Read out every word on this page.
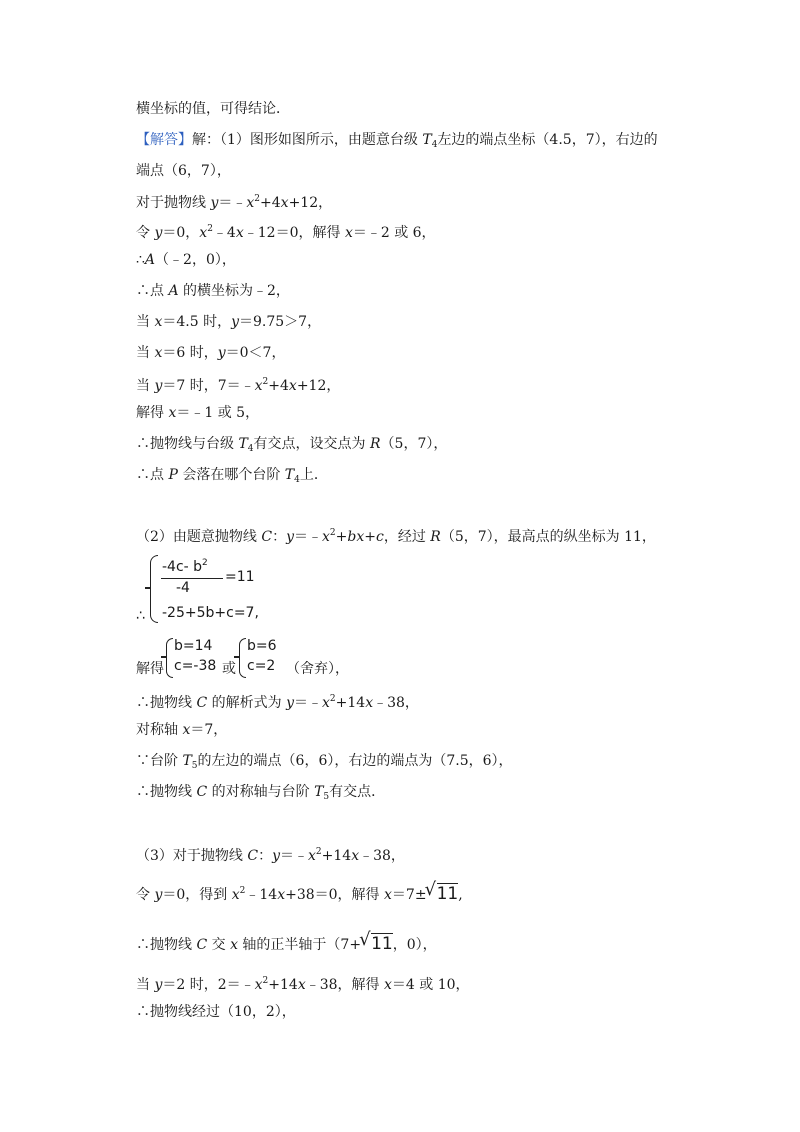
横坐标的值，可得结论．
【解答】解：（1）图形如图所示，由题意台级 $T_4$左边的端点坐标（4.5，7），右边的
端点（6，7），
对于抛物线 $y=﹣x^2+4x+12$，
令 y＝0，$x^2﹣4x﹣12=0$，解得 x＝﹣2 或 6，
∴A（﹣2，0），
∴点 A 的横坐标为﹣2，
当 x＝4.5 时，y＝9.75＞7，
当 x＝6 时，y＝0＜7，
当 y＝7 时，$7=﹣x^2+4x+12$，
解得 x＝﹣1 或 5，
∴抛物线与台级 $T_4$有交点，设交点为 R（5，7），
∴点 P 会落在哪个台阶 $T_4$上．
（2）由题意抛物线 C：$y=﹣x^2+bx+c$，经过 R（5，7），最高点的纵坐标为 11，
∴
-4c- $b^2$
-4
=11
-25+5b+c=7,
解得
b=14
c=-38 或
b=6
c=2 （舍弃），
∴抛物线 C 的解析式为 $y=﹣x^2+14x﹣38$，
对称轴 x＝7，
∵台阶 $T_5$的左边的端点（6，6），右边的端点为（7.5，6），
∴抛物线 C 的对称轴与台阶 $T_5$有交点．
（3）对于抛物线 C：$y=﹣x^2+14x﹣38$，
令 y＝0，得到 $x^2﹣14x+38=0$，解得 x＝7±
√ 11,
∴抛物线 C 交 x 轴的正半轴于（7+
√ 11，0），
当 y＝2 时，$2=﹣x^2+14x﹣38$，解得 x＝4 或 10，
∴抛物线经过（10，2），
